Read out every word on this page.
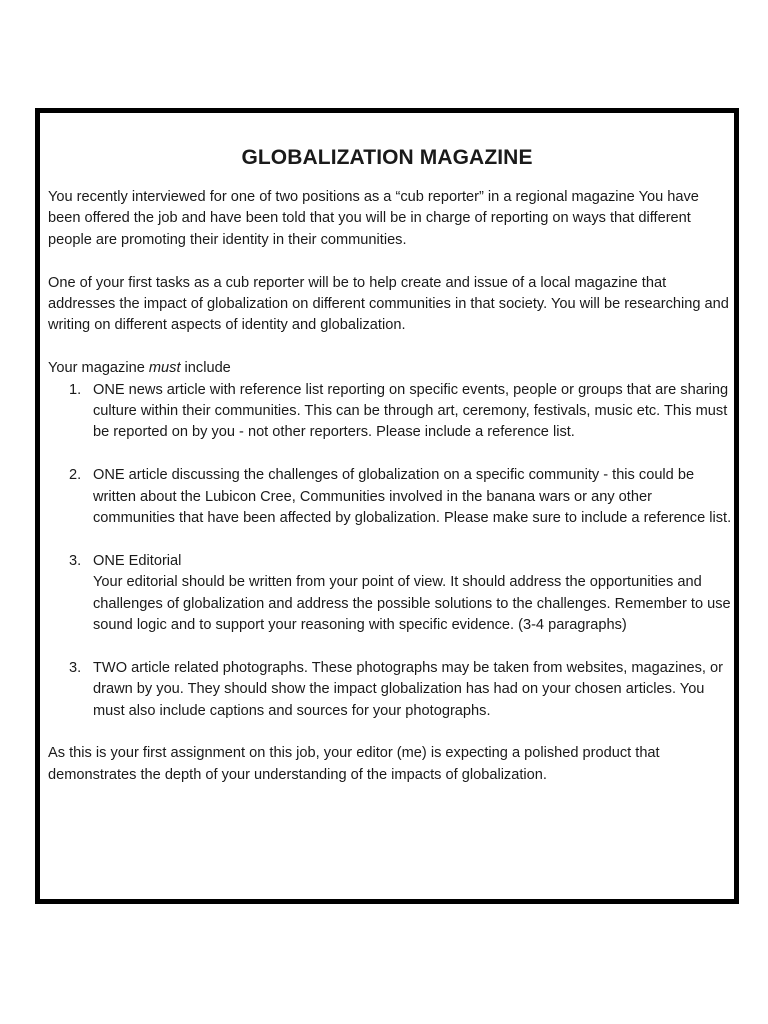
GLOBALIZATION MAGAZINE

You recently interviewed for one of two positions as a “cub reporter” in a regional magazine You have been offered the job and have been told that you will be in charge of reporting on ways that different people are promoting their identity in their communities.

One of your first tasks as a cub reporter will be to help create and issue of a local magazine that addresses the impact of globalization on different communities in that society. You will be researching and writing on different aspects of identity and globalization.

Your magazine must include

1. ONE news article with reference list reporting on specific events, people or groups that are sharing culture within their communities. This can be through art, ceremony, festivals, music etc. This must be reported on by you - not other reporters. Please include a reference list.
2. ONE article discussing the challenges of globalization on a specific community - this could be written about the Lubicon Cree, Communities involved in the banana wars or any other communities that have been affected by globalization. Please make sure to include a reference list.
3. ONE Editorial
Your editorial should be written from your point of view. It should address the opportunities and challenges of globalization and address the possible solutions to the challenges. Remember to use sound logic and to support your reasoning with specific evidence. (3-4 paragraphs)
3. TWO article related photographs. These photographs may be taken from websites, magazines, or drawn by you. They should show the impact globalization has had on your chosen articles. You must also include captions and sources for your photographs.

As this is your first assignment on this job, your editor (me) is expecting a polished product that demonstrates the depth of your understanding of the impacts of globalization.
